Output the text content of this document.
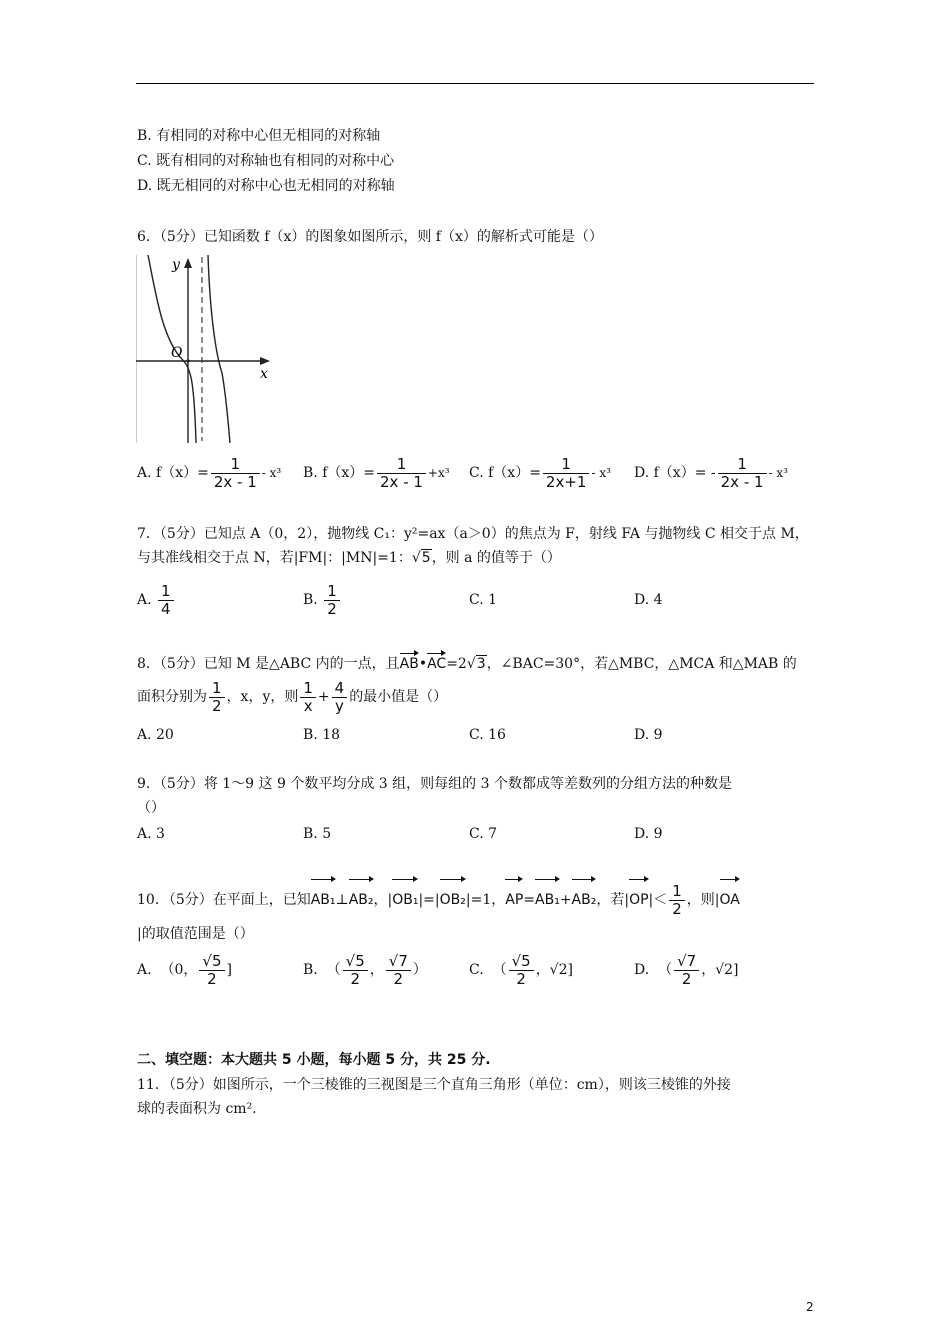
B. 有相同的对称中心但无相同的对称轴
C. 既有相同的对称轴也有相同的对称中心
D. 既无相同的对称中心也无相同的对称轴
6．（5分）已知函数 f（x）的图象如图所示，则 f（x）的解析式可能是（）
y
x
O
A. $f(x)= \frac{1}{2x - 1} - x^3$ B. $f(x)= \frac{1}{2x - 1} +x^3$ C. $f(x)= \frac{1}{2x+1} - x^3$ D. $f(x)= - \frac{1}{2x - 1} - x^3$
7．（5分）已知点 A（0，2），抛物线 C₁：y²=ax（a＞0）的焦点为 F，射线 FA 与抛物线 C 相交于点 M，
与其准线相交于点 N，若|FM|：|MN|=1：√5，则 a 的值等于（）
A. $\frac{1}{4}$	B. $\frac{1}{2}$	C. 1	D. 4
8．（5分）已知 M 是△ABC 内的一点，且AB•AC=2√3，∠BAC=30°，若△MBC，△MCA 和△MAB 的
面积分别为 $\frac{1}{2}$ ，x，y，则 $\frac{1}{x} + \frac{4}{y}$ 的最小值是（）
A. 20	B. 18	C. 16	D. 9
9．（5分）将 1～9 这 9 个数平均分成 3 组，则每组的 3 个数都成等差数列的分组方法的种数是
（）
A. 3	B. 5	C. 7	D. 9
10．（5分）在平面上，已知AB₁⊥AB₂，|OB₁|=|OB₂|=1，AP=AB₁+AB₂，若$|OP|< \frac{1}{2}$ ，则|OA
|的取值范围是（）
A. （0， $\frac{√5}{2}$ ]	B. （ $\frac{√5}{2}$ ， $\frac{√7}{2}$ ）	C. （ $\frac{√5}{2}$ ，√2]	D. （ $\frac{√7}{2}$ ，√2]
二、填空题：本大题共 5 小题，每小题 5 分，共 25 分.
11．（5分）如图所示，一个三棱锥的三视图是三个直角三角形（单位：cm），则该三棱锥的外接
球的表面积为 cm².
2
